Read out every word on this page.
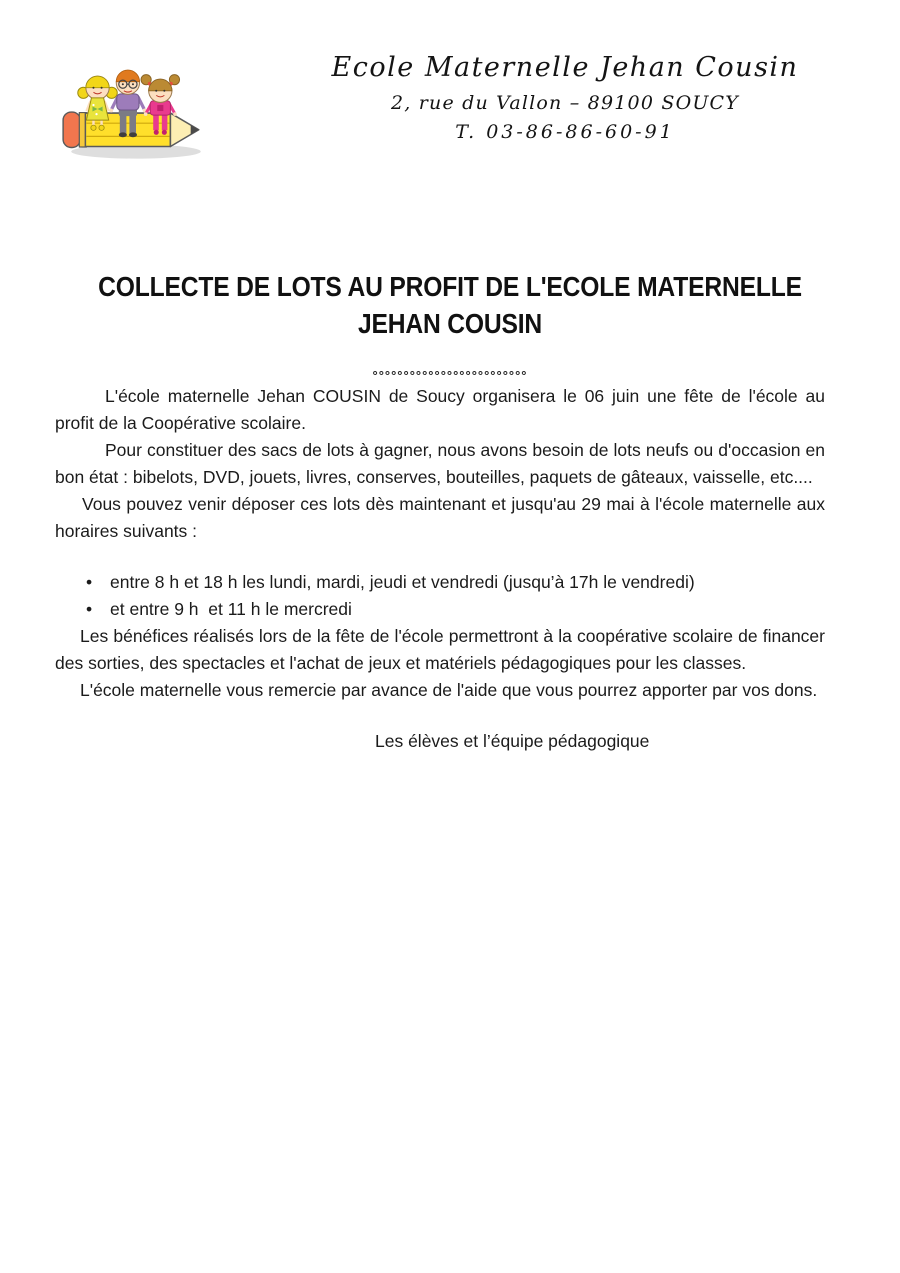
Ecole Maternelle Jehan Cousin
2, rue du Vallon – 89100 SOUCY
T. 03-86-86-60-91
COLLECTE DE LOTS AU PROFIT DE L'ECOLE MATERNELLE
JEHAN COUSIN
°°°°°°°°°°°°°°°°°°°°°°°°°

L'école maternelle Jehan COUSIN de Soucy organisera le 06 juin une fête de l'école au profit de la Coopérative scolaire.

Pour constituer des sacs de lots à gagner, nous avons besoin de lots neufs ou d'occasion en bon état : bibelots, DVD, jouets, livres, conserves, bouteilles, paquets de gâteaux, vaisselle, etc....

Vous pouvez venir déposer ces lots dès maintenant et jusqu'au 29 mai à l'école maternelle aux horaires suivants :

• entre 8 h et 18 h les lundi, mardi, jeudi et vendredi (jusqu’à 17h le vendredi)
• et entre 9 h  et 11 h le mercredi

Les bénéfices réalisés lors de la fête de l'école permettront à la coopérative scolaire de financer des sorties, des spectacles et l'achat de jeux et matériels pédagogiques pour les classes.

L'école maternelle vous remercie par avance de l'aide que vous pourrez apporter par vos dons.

Les élèves et l’équipe pédagogique
